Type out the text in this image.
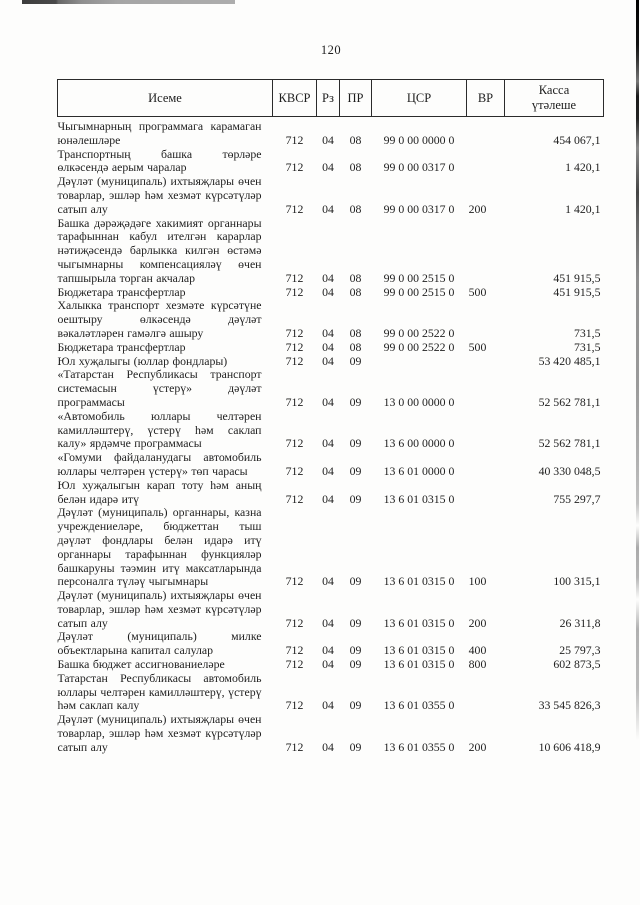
120
Исеме	КВСР	Рз	ПР	ЦСР	ВР	Касса үтәлеше

Чыгымнарның программага карамаган юнәлешләре	712	04	08	99 0 00 0000 0		454 067,1
Транспортның башка төрләре өлкәсендә аерым чаралар	712	04	08	99 0 00 0317 0		1 420,1
Дәүләт (муниципаль) ихтыяҗлары өчен товарлар, эшләр һәм хезмәт күрсәтүләр сатып алу	712	04	08	99 0 00 0317 0	200	1 420,1
Башка дәрәҗәдәге хакимият органнары тарафыннан кабул ителгән карарлар нәтиҗәсендә барлыкка килгән өстәмә чыгымнарны компенсацияләү өчен тапшырыла торган акчалар	712	04	08	99 0 00 2515 0		451 915,5
Бюджетара трансфертлар	712	04	08	99 0 00 2515 0	500	451 915,5
Халыкка транспорт хезмәте күрсәтүне оештыру өлкәсендә дәүләт вәкаләтләрен гамәлгә ашыру	712	04	08	99 0 00 2522 0		731,5
Бюджетара трансфертлар	712	04	08	99 0 00 2522 0	500	731,5
Юл хуҗалыгы (юллар фондлары)	712	04	09			53 420 485,1
«Татарстан Республикасы транспорт системасын үстерү» дәүләт программасы	712	04	09	13 0 00 0000 0		52 562 781,1
«Автомобиль юллары челтәрен камилләштерү, үстерү һәм саклап калу» ярдәмче программасы	712	04	09	13 6 00 0000 0		52 562 781,1
«Гомуми файдаланудагы автомобиль юллары челтәрен үстерү» төп чарасы	712	04	09	13 6 01 0000 0		40 330 048,5
Юл хуҗалыгын карап тоту һәм аның белән идарә итү	712	04	09	13 6 01 0315 0		755 297,7
Дәүләт (муниципаль) органнары, казна учреждениеләре, бюджеттан тыш дәүләт фондлары белән идарә итү органнары тарафыннан функцияләр башкаруны тәэмин итү максатларында персоналга түләү чыгымнары	712	04	09	13 6 01 0315 0	100	100 315,1
Дәүләт (муниципаль) ихтыяҗлары өчен товарлар, эшләр һәм хезмәт күрсәтүләр сатып алу	712	04	09	13 6 01 0315 0	200	26 311,8
Дәүләт (муниципаль) милке объектларына капитал салулар	712	04	09	13 6 01 0315 0	400	25 797,3
Башка бюджет ассигнованиеләре	712	04	09	13 6 01 0315 0	800	602 873,5
Татарстан Республикасы автомобиль юллары челтәрен камилләштерү, үстерү һәм саклап калу	712	04	09	13 6 01 0355 0		33 545 826,3
Дәүләт (муниципаль) ихтыяҗлары өчен товарлар, эшләр һәм хезмәт күрсәтүләр сатып алу	712	04	09	13 6 01 0355 0	200	10 606 418,9
